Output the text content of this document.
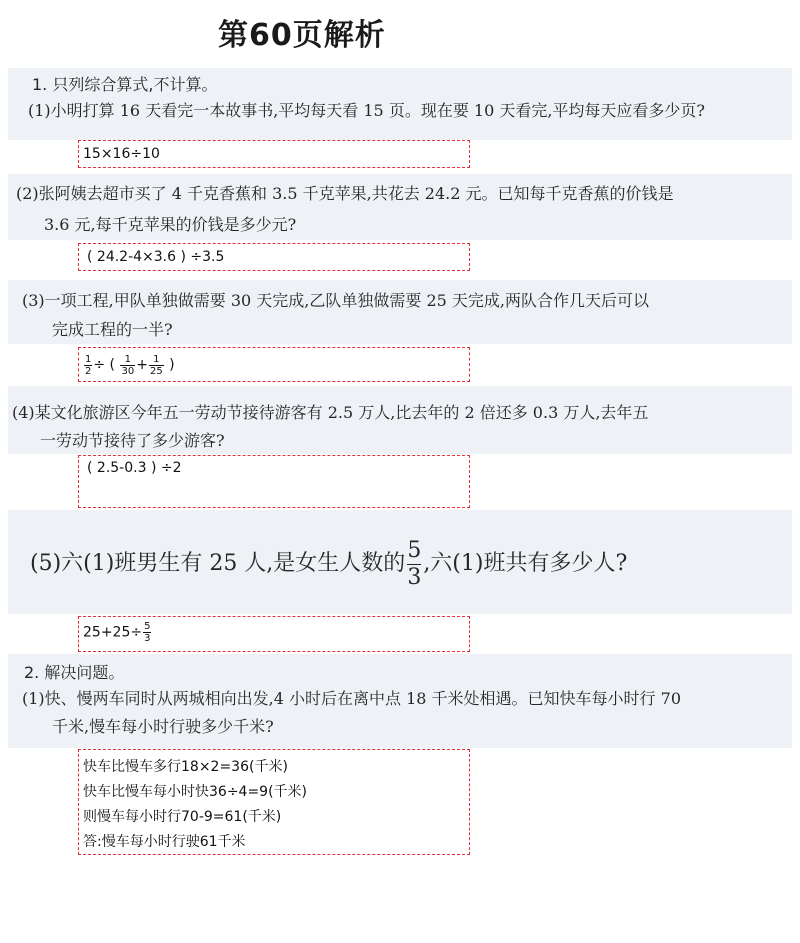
第60页解析
1. 只列综合算式,不计算。
(1)小明打算 16 天看完一本故事书,平均每天看 15 页。现在要 10 天看完,平均每天应看多少页?
15×16÷10
(2)张阿姨去超市买了 4 千克香蕉和 3.5 千克苹果,共花去 24.2 元。已知每千克香蕉的价钱是
3.6 元,每千克苹果的价钱是多少元?
( 24.2-4×3.6 ) ÷3.5
(3)一项工程,甲队单独做需要 30 天完成,乙队单独做需要 25 天完成,两队合作几天后可以
完成工程的一半?
$\frac{1}{2}$ ÷ ( $\frac{1}{30} + \frac{1}{25}$ )
(4)某文化旅游区今年五一劳动节接待游客有 2.5 万人,比去年的 2 倍还多 0.3 万人,去年五
一劳动节接待了多少游客?
( 2.5-0.3 ) ÷2
(5)六(1)班男生有 25 人,是女生人数的 $\frac{5}{3}$ ,六(1)班共有多少人?
$25+25\div \frac{5}{3}$
2. 解决问题。
(1)快、慢两车同时从两城相向出发,4 小时后在离中点 18 千米处相遇。已知快车每小时行 70
千米,慢车每小时行驶多少千米?
快车比慢车多行18×2=36(千米)
快车比慢车每小时快36÷4=9(千米)
则慢车每小时行70-9=61(千米)
答:慢车每小时行驶61千米
